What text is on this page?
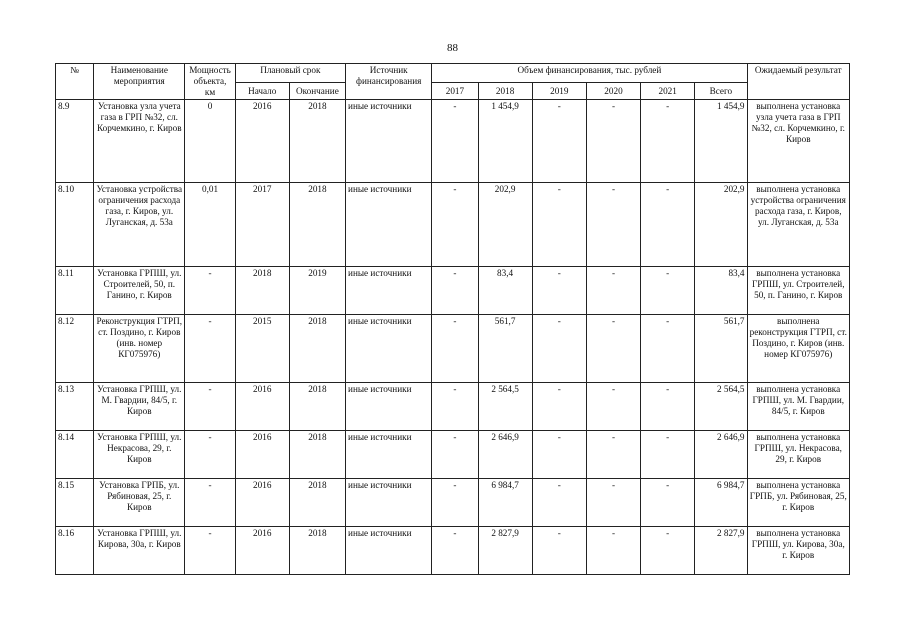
88
№	Наименование мероприятия	Мощность объекта, км	Плановый срок		Источник финансирования	Объем финансирования, тыс. рублей						Ожидаемый результат
			Начало	Окончание		2017	2018	2019	2020	2021	Всего	
8.9	Установка узла учета газа в ГРП №32, сл. Корчемкино, г. Киров	0	2016	2018	иные источники	-	1 454,9	-	-	-	1 454,9	выполнена установка узла учета газа в ГРП №32, сл. Корчемкино, г. Киров
8.10	Установка устройства ограничения расхода газа, г. Киров, ул. Луганская, д. 53а	0,01	2017	2018	иные источники	-	202,9	-	-	-	202,9	выполнена установка устройства ограничения расхода газа, г. Киров, ул. Луганская, д. 53а
8.11	Установка ГРПШ, ул. Строителей, 50, п. Ганино, г. Киров	-	2018	2019	иные источники	-	83,4	-	-	-	83,4	выполнена установка ГРПШ, ул. Строителей, 50, п. Ганино, г. Киров
8.12	Реконструкция ГТРП, ст. Поздино, г. Киров (инв. номер КГ075976)	-	2015	2018	иные источники	-	561,7	-	-	-	561,7	выполнена реконструкция ГТРП, ст. Поздино, г. Киров (инв. номер КГ075976)
8.13	Установка ГРПШ, ул. М. Гвардии, 84/5, г. Киров	-	2016	2018	иные источники	-	2 564,5	-	-	-	2 564,5	выполнена установка ГРПШ, ул. М. Гвардии, 84/5, г. Киров
8.14	Установка ГРПШ, ул. Некрасова, 29, г. Киров	-	2016	2018	иные источники	-	2 646,9	-	-	-	2 646,9	выполнена установка ГРПШ, ул. Некрасова, 29, г. Киров
8.15	Установка ГРПБ, ул. Рябиновая, 25, г. Киров	-	2016	2018	иные источники	-	6 984,7	-	-	-	6 984,7	выполнена установка ГРПБ, ул. Рябиновая, 25, г. Киров
8.16	Установка ГРПШ, ул. Кирова, 30а, г. Киров	-	2016	2018	иные источники	-	2 827,9	-	-	-	2 827,9	выполнена установка ГРПШ, ул. Кирова, 30а, г. Киров
